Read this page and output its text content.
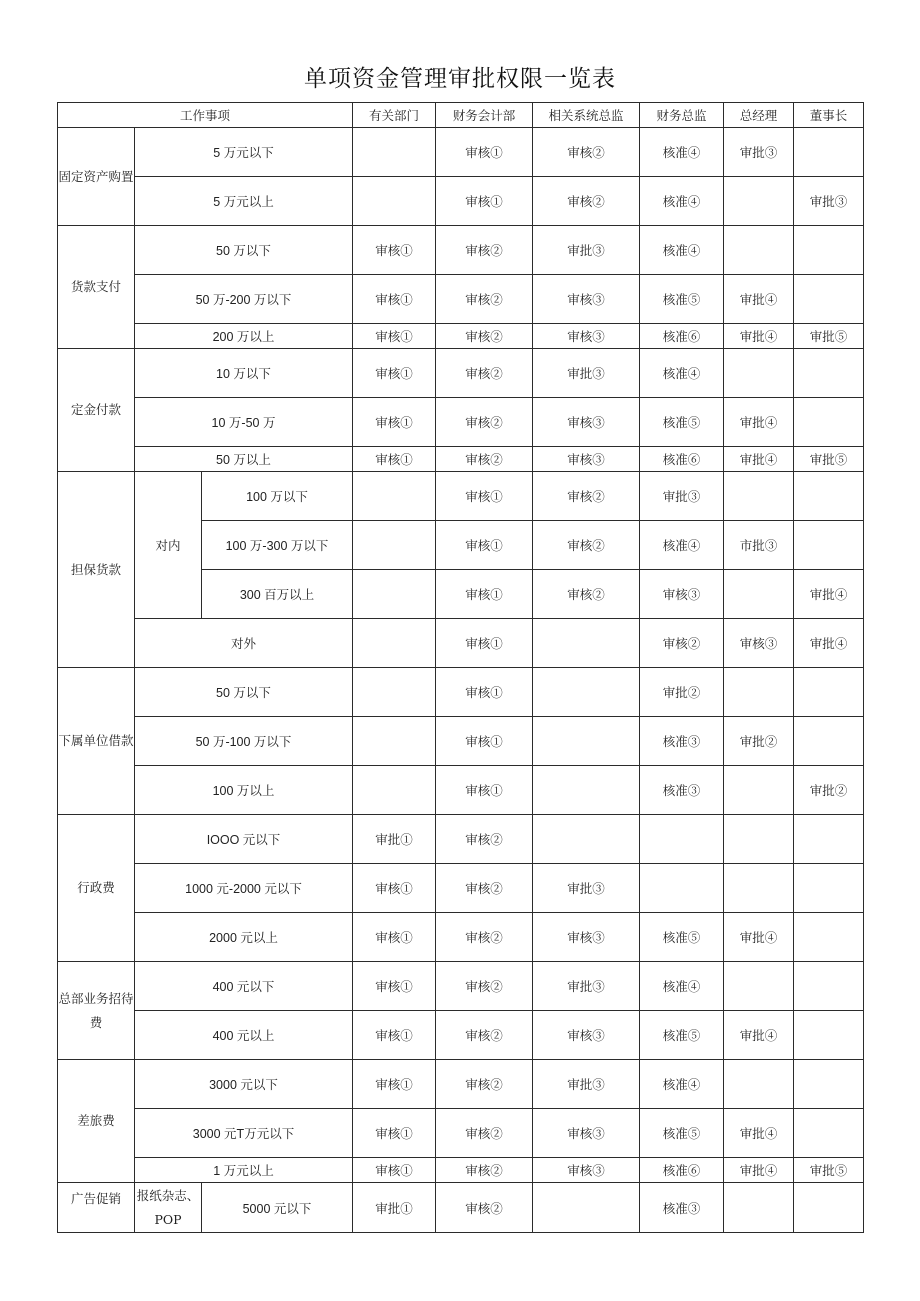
单项资金管理审批权限一览表
工作事项			有关部门	财务会计部	相关系统总监	财务总监	总经理	董事长
固定资产购置	5 万元以下			审核①	审核②	核准④	审批③	
	5 万元以上			审核①	审核②	核准④		审批③
货款支付	50 万以下		审核①	审核②	审批③	核准④		
	50 万-200 万以下		审核①	审核②	审核③	核准⑤	审批④	
	200 万以上		审核①	审核②	审核③	核准⑥	审批④	审批⑤
定金付款	10 万以下		审核①	审核②	审批③	核准④		
	10 万-50 万		审核①	审核②	审核③	核准⑤	审批④	
	50 万以上		审核①	审核②	审核③	核准⑥	审批④	审批⑤
担保货款	对内	100 万以下		审核①	审核②	审批③		
		100 万-300 万以下		审核①	审核②	核准④	市批③	
		300 百万以上		审核①	审核②	审核③		审批④
	对外			审核①		审核②	审核③	审批④
下属单位借款	50 万以下			审核①		审批②		
	50 万-100 万以下			审核①		核准③	审批②	
	100 万以上			审核①		核准③		审批②
行政费	IOOO 元以下		审批①	审核②				
	1000 元-2000 元以下		审核①	审核②	审批③			
	2000 元以上		审核①	审核②	审核③	核准⑤	审批④	
总部业务招待费	400 元以下		审核①	审核②	审批③	核准④		
	400 元以上		审核①	审核②	审核③	核准⑤	审批④	
差旅费	3000 元以下		审核①	审核②	审批③	核准④		
	3000 元T万元以下		审核①	审核②	审核③	核准⑤	审批④	
	1 万元以上		审核①	审核②	审核③	核准⑥	审批④	审批⑤
广告促销	报纸杂志、POP	5000 元以下	审批①	审核②		核准③		
